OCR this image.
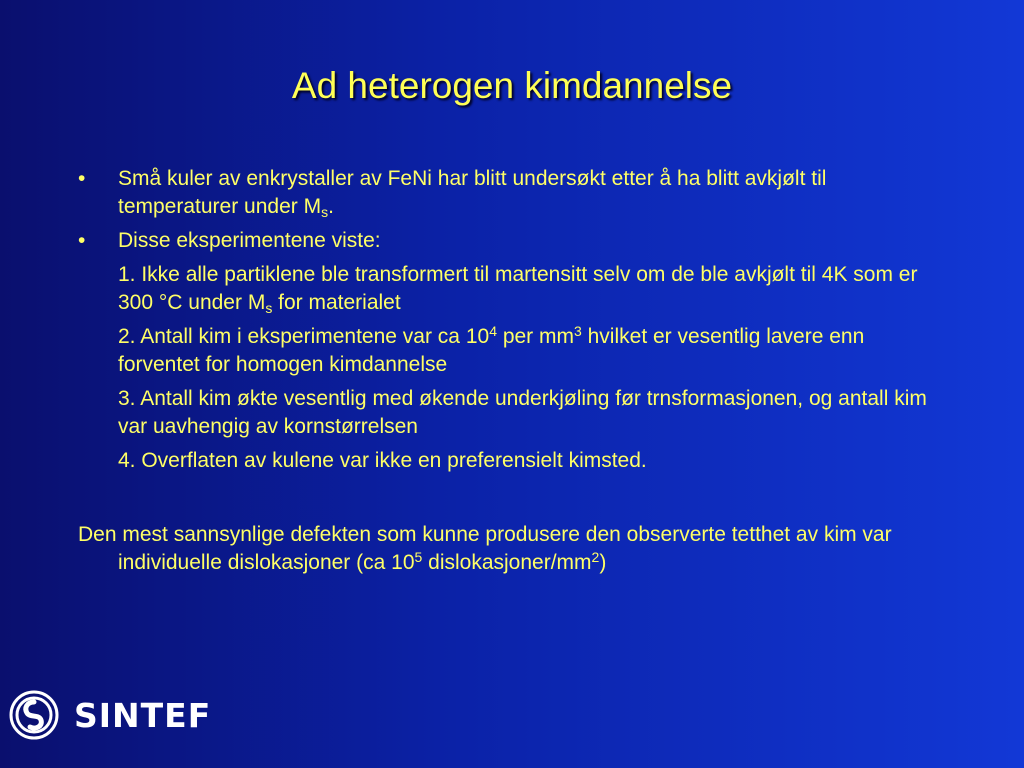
Ad heterogen kimdannelse
•	Små kuler av enkrystaller av FeNi har blitt undersøkt etter å ha blitt avkjølt til temperaturer under $M_s$.
•	Disse eksperimentene viste:
1. Ikke alle partiklene ble transformert til martensitt selv om de ble avkjølt til 4K som er 300 °C under $M_s$ for materialet
2. Antall kim i eksperimentene var ca $10^4$ per $mm^3$ hvilket er vesentlig lavere enn forventet for homogen kimdannelse
3. Antall kim økte vesentlig med økende underkjøling før trnsformasjonen, og antall kim var uavhengig av kornstørrelsen
4. Overflaten av kulene var ikke en preferensielt kimsted.
Den mest sannsynlige defekten som kunne produsere den observerte tetthet av kim var individuelle dislokasjoner (ca $10^5$ dislokasjoner/$mm^2$)
SINTEF
